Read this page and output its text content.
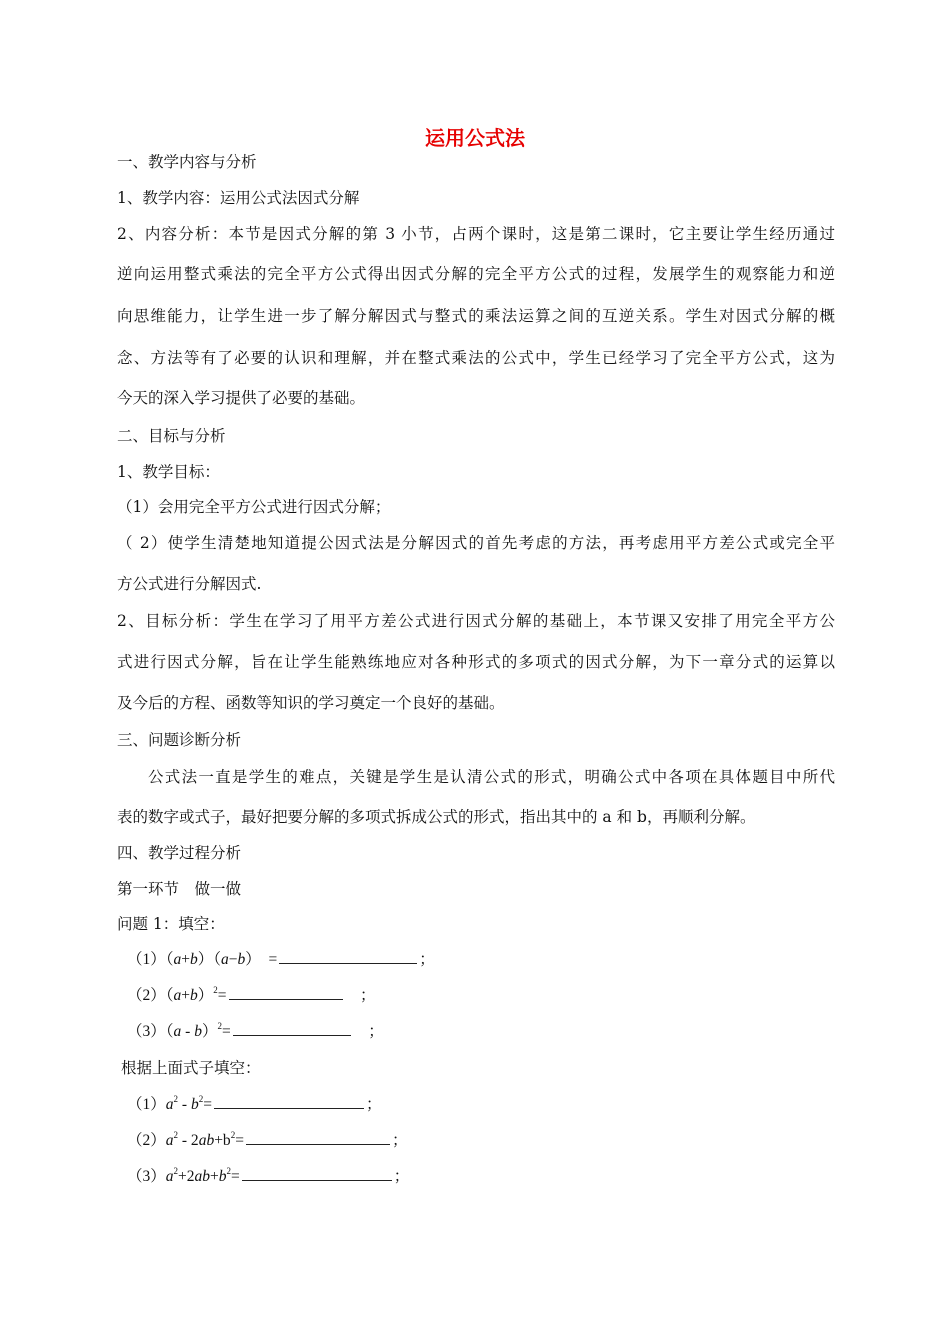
运用公式法
一、教学内容与分析
1、教学内容：运用公式法因式分解
2、内容分析：本节是因式分解的第 3 小节，占两个课时，这是第二课时，它主要让学生经历通过
逆向运用整式乘法的完全平方公式得出因式分解的完全平方公式的过程，发展学生的观察能力和逆
向思维能力，让学生进一步了解分解因式与整式的乘法运算之间的互逆关系。学生对因式分解的概
念、方法等有了必要的认识和理解，并在整式乘法的公式中，学生已经学习了完全平方公式，这为
今天的深入学习提供了必要的基础。
二、目标与分析
1、教学目标：
（1）会用完全平方公式进行因式分解；
（ 2）使学生清楚地知道提公因式法是分解因式的首先考虑的方法，再考虑用平方差公式或完全平
方公式进行分解因式.
2、目标分析：学生在学习了用平方差公式进行因式分解的基础上，本节课又安排了用完全平方公
式进行因式分解，旨在让学生能熟练地应对各种形式的多项式的因式分解，为下一章分式的运算以
及今后的方程、函数等知识的学习奠定一个良好的基础。
三、问题诊断分析
公式法一直是学生的难点，关键是学生是认清公式的形式，明确公式中各项在具体题目中所代
表的数字或式子，最好把要分解的多项式拆成公式的形式，指出其中的 a 和 b，再顺利分解。
四、教学过程分析
第一环节　做一做
问题 1：填空：
（1）（a+b）（a−b）　=	；
$(2)(a+b)^2=$	　；
（3）（a - b）$^2$=	　；
根据上面式子填空：
$(1)a^2 - b^2=$	；
$(2)a^2 - 2ab+b^2=$	；
$(3)a^2+2ab+b^2=$	；
